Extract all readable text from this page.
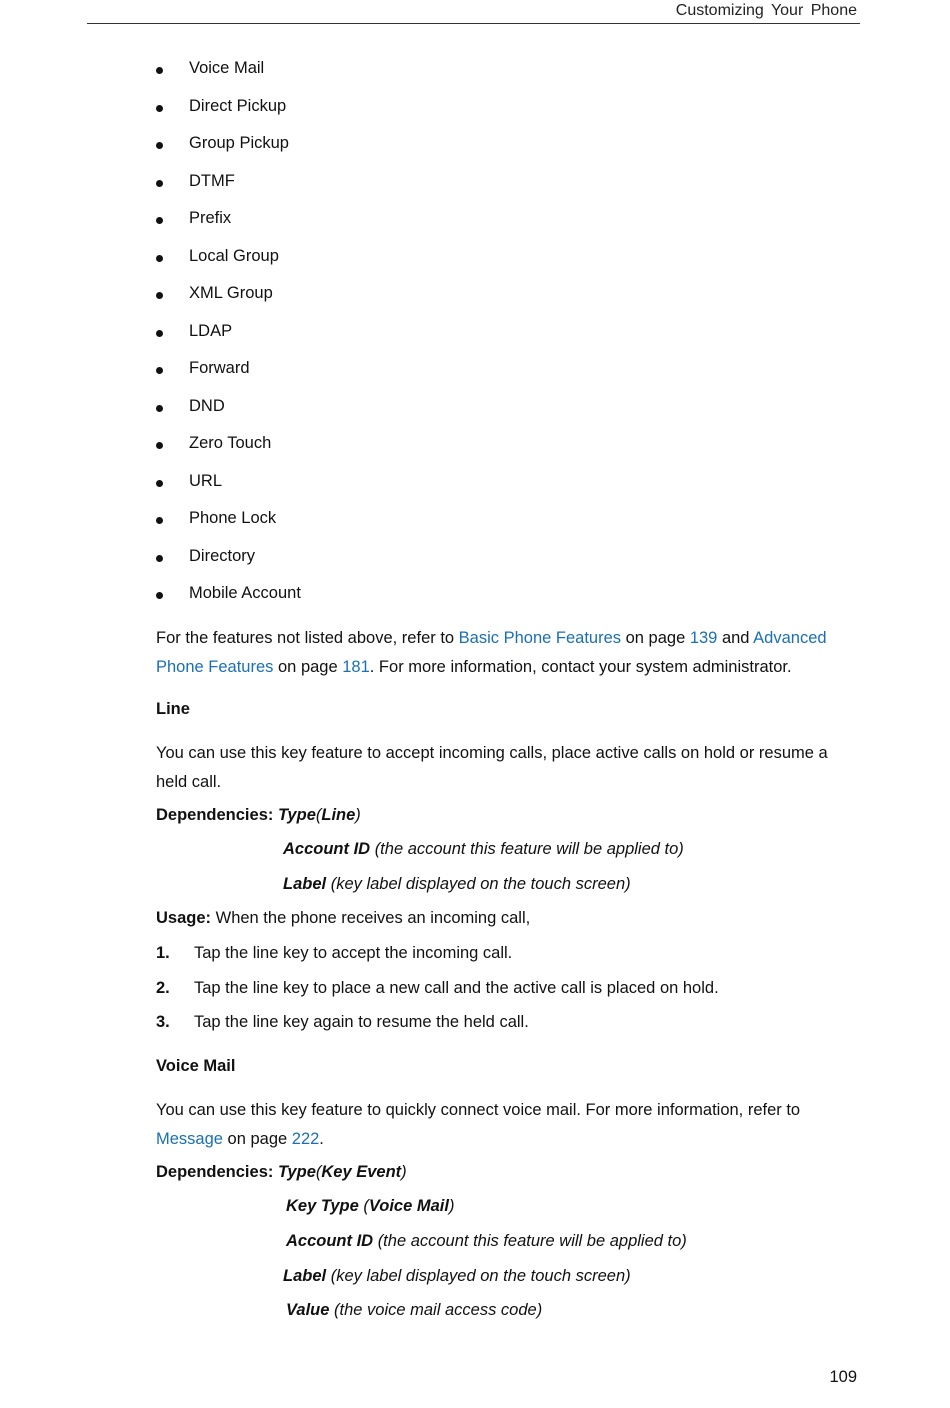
Customizing Your Phone
Voice Mail
Direct Pickup
Group Pickup
DTMF
Prefix
Local Group
XML Group
LDAP
Forward
DND
Zero Touch
URL
Phone Lock
Directory
Mobile Account
For the features not listed above, refer to Basic Phone Features on page 139 and Advanced
Phone Features on page 181. For more information, contact your system administrator.
Line
You can use this key feature to accept incoming calls, place active calls on hold or resume a
held call.
Dependencies: Type(Line)
Account ID (the account this feature will be applied to)
Label (key label displayed on the touch screen)
Usage: When the phone receives an incoming call,
1. Tap the line key to accept the incoming call.
2. Tap the line key to place a new call and the active call is placed on hold.
3. Tap the line key again to resume the held call.
Voice Mail
You can use this key feature to quickly connect voice mail. For more information, refer to
Message on page 222.
Dependencies: Type(Key Event)
Key Type (Voice Mail)
Account ID (the account this feature will be applied to)
Label (key label displayed on the touch screen)
Value (the voice mail access code)
109
